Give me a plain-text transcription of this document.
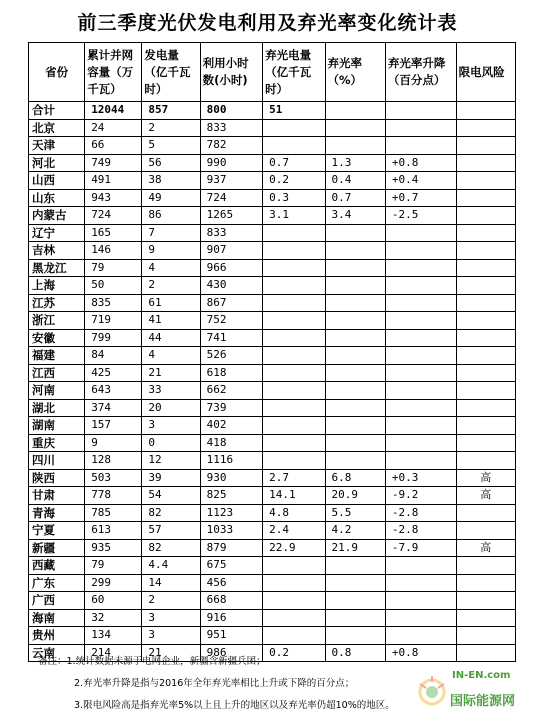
前三季度光伏发电利用及弃光率变化统计表
省份	累计并网容量（万千瓦）	发电量（亿千瓦时）	利用小时数(小时)	弃光电量（亿千瓦时）	弃光率（%）	弃光率升降（百分点）	限电风险
合计	12044	857	800	51			
北京	24	2	833				
天津	66	5	782				
河北	749	56	990	0.7	1.3	+0.8	
山西	491	38	937	0.2	0.4	+0.4	
山东	943	49	724	0.3	0.7	+0.7	
内蒙古	724	86	1265	3.1	3.4	-2.5	
辽宁	165	7	833				
吉林	146	9	907				
黑龙江	79	4	966				
上海	50	2	430				
江苏	835	61	867				
浙江	719	41	752				
安徽	799	44	741				
福建	84	4	526				
江西	425	21	618				
河南	643	33	662				
湖北	374	20	739				
湖南	157	3	402				
重庆	9	0	418				
四川	128	12	1116				
陕西	503	39	930	2.7	6.8	+0.3	高
甘肃	778	54	825	14.1	20.9	-9.2	高
青海	785	82	1123	4.8	5.5	-2.8	
宁夏	613	57	1033	2.4	4.2	-2.8	
新疆	935	82	879	22.9	21.9	-7.9	高
西藏	79	4.4	675				
广东	299	14	456				
广西	60	2	668				
海南	32	3	916				
贵州	134	3	951				
云南	214	21	986	0.2	0.8	+0.8	
备注：1.统计数据未源于电网企业，新疆含新疆兵团；
2.弃光率升降是指与2016年全年弃光率相比上升或下降的百分点；
3.限电风险高是指弃光率5%以上且上升的地区以及弃光率仍超10%的地区。
IN-EN.com
国际能源网
